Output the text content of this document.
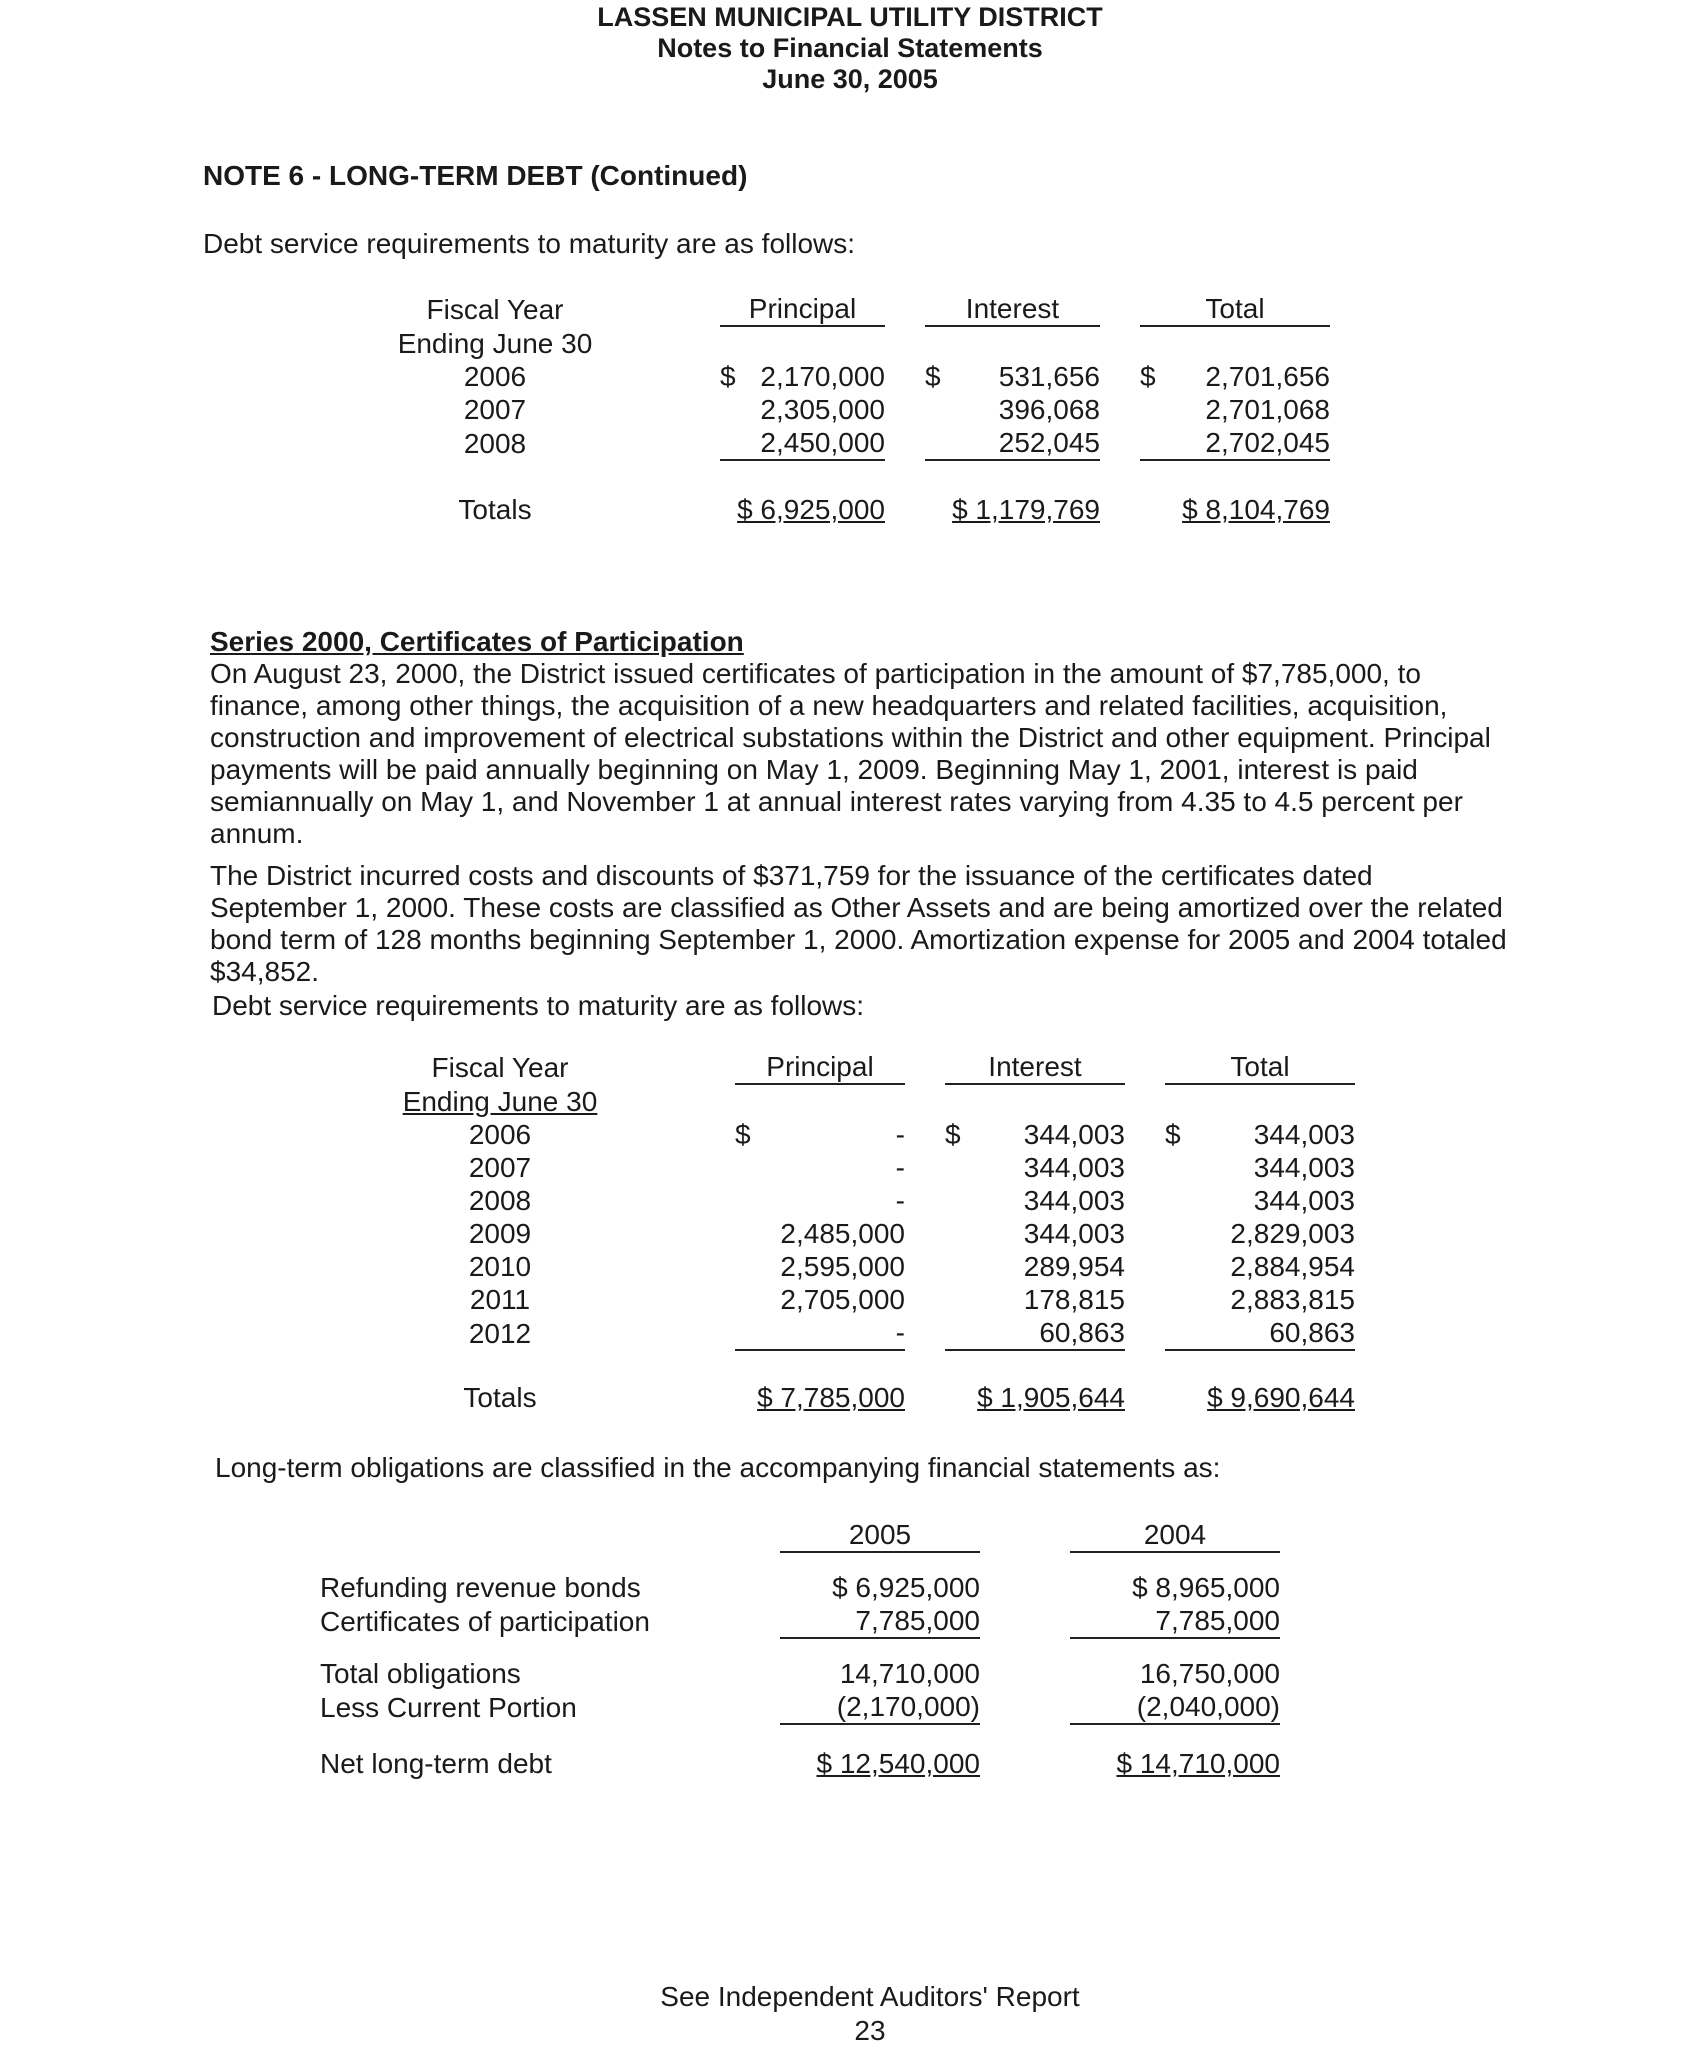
LASSEN MUNICIPAL UTILITY DISTRICT
Notes to Financial Statements
June 30, 2005
NOTE 6 - LONG-TERM DEBT (Continued)
Debt service requirements to maturity are as follows:
Fiscal Year		Principal			Interest			Total	
Ending June 30									
2006		$	2,170,000		$	531,656		$	2,701,656
2007			2,305,000			396,068			2,701,068
2008			2,450,000			252,045			2,702,045

Totals		$ 6,925,000			$ 1,179,769			$ 8,104,769	
Series 2000, Certificates of Participation
On August 23, 2000, the District issued certificates of participation in the amount of $7,785,000, to finance, among other things, the acquisition of a new headquarters and related facilities, acquisition, construction and improvement of electrical substations within the District and other equipment. Principal payments will be paid annually beginning on May 1, 2009. Beginning May 1, 2001, interest is paid semiannually on May 1, and November 1 at annual interest rates varying from 4.35 to 4.5 percent per annum.
The District incurred costs and discounts of $371,759 for the issuance of the certificates dated September 1, 2000. These costs are classified as Other Assets and are being amortized over the related bond term of 128 months beginning September 1, 2000. Amortization expense for 2005 and 2004 totaled $34,852.
Debt service requirements to maturity are as follows:
Fiscal Year		Principal			Interest			Total	
Ending June 30									
2006		$	-		$	344,003		$	344,003
2007			-			344,003			344,003
2008			-			344,003			344,003
2009			2,485,000			344,003			2,829,003
2010			2,595,000			289,954			2,884,954
2011			2,705,000			178,815			2,883,815
2012			-			60,863			60,863

Totals		$ 7,785,000			$ 1,905,644			$ 9,690,644	
Long-term obligations are classified in the accompanying financial statements as:
	2005		2004

Refunding revenue bonds	$ 6,925,000		$ 8,965,000
Certificates of participation	7,785,000		7,785,000

Total obligations	14,710,000		16,750,000
Less Current Portion	(2,170,000)		(2,040,000)

Net long-term debt	$ 12,540,000		$ 14,710,000
See Independent Auditors' Report
23
